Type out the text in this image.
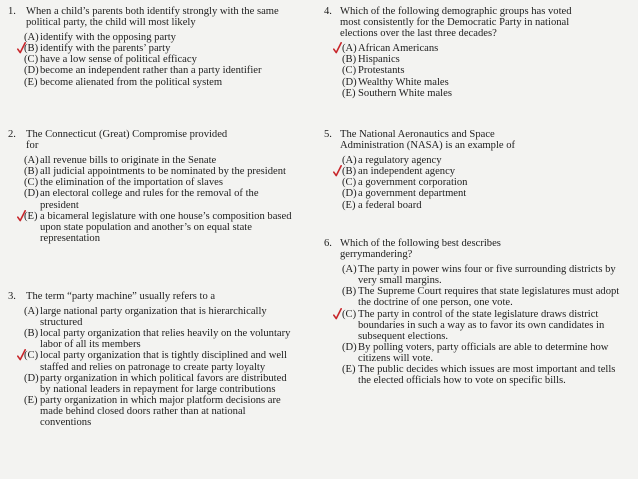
1. When a child’s parents both identify strongly with the same political party, the child will most likely
(A)identify with the opposing party
(B) identify with the parents’ party
(C) have a low sense of political efficacy
(D)become an independent rather than a party identifier
(E) become alienated from the political system
2. The Connecticut (Great) Compromise provided for
(A)all revenue bills to originate in the Senate
(B) all judicial appointments to be nominated by the president
(C) the elimination of the importation of slaves
(D)an electoral college and rules for the removal of the president
(E) a bicameral legislature with one house’s composition based upon state population and another’s on equal state representation
3. The term “party machine” usually refers to a
(A)large national party organization that is hierarchically structured
(B) local party organization that relies heavily on the voluntary labor of all its members
(C) local party organization that is tightly disciplined and well staffed and relies on patronage to create party loyalty
(D)party organization in which political favors are distributed by national leaders in repayment for large contributions
(E) party organization in which major platform decisions are made behind closed doors rather than at national conventions
4. Which of the following demographic groups has voted most consistently for the Democratic Party in national elections over the last three decades?
(A)African Americans
(B) Hispanics
(C) Protestants
(D)Wealthy White males
(E) Southern White males
5. The National Aeronautics and Space Administration (NASA) is an example of
(A)a regulatory agency
(B) an independent agency
(C) a government corporation
(D)a government department
(E) a federal board
6. Which of the following best describes gerrymandering?
(A)The party in power wins four or five surrounding districts by very small margins.
(B) The Supreme Court requires that state legislatures must adopt the doctrine of one person, one vote.
(C) The party in control of the state legislature draws district boundaries in such a way as to favor its own candidates in subsequent elections.
(D)By polling voters, party officials are able to determine how citizens will vote.
(E) The public decides which issues are most important and tells the elected officials how to vote on specific bills.
